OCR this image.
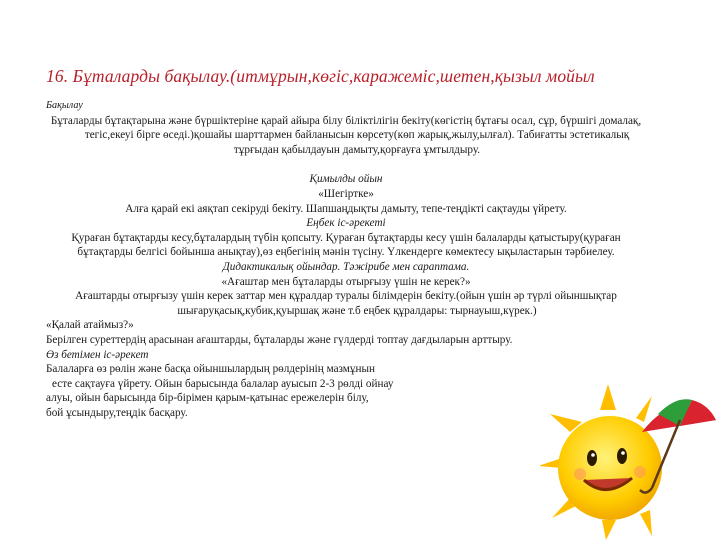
16. Бұталарды бақылау.(итмұрын,көгіс,каражеміс,шетен,қызыл мойыл

Бақылау

Бұталарды бұтақтарына және бүршіктеріне қарай айыра білу біліктілігін бекіту(көгістің бұтағы осал, сұр, бүршігі домалақ, тегіс,екеуі бірге өседі.)қошайы шарттармен байланысын көрсету(көп жарық,жылу,ылғал). Табиғатты эстетикалық тұрғыдан қабылдауын дамыту,қорғауға ұмтылдыру.

Қимылды ойын

«Шегіртке»

Алға қарай екі аяқтап секіруді бекіту. Шапшаңдықты дамыту, тепе-теңдікті сақтауды үйрету.

Еңбек іс-әрекеті

Қураған бұтақтарды кесу,бұталардың түбін қопсыту. Қураған бұтақтарды кесу үшін балаларды қатыстыру(қураған бұтақтарды белгісі бойынша анықтау),өз еңбегінің мәнін түсіну. Үлкендерге көмектесу ықыластарын тәрбиелеу.

Дидактикалық ойындар. Тәжірибе мен сараптама.

«Ағаштар мен бұталарды отырғызу үшін не керек?»

Ағаштарды отырғызу үшін керек заттар мен құралдар туралы білімдерін бекіту.(ойын үшін әр түрлі ойыншықтар шығаруқасық,кубик,қуыршақ және т.б еңбек құралдары: тырнауыш,күрек.)

«Қалай атаймыз?»

Берілген суреттердің арасынан ағаштарды, бұталарды және гүлдерді топтау дағдыларын арттыру.

Өз бетімен іс-әрекет

Балаларға өз рөлін және басқа ойыншылардың рөлдерінің мазмұнын

есте сақтауға үйрету. Ойын барысында балалар ауысып 2-3 рөлді ойнау

алуы, ойын барысында бір-бірімен қарым-қатынас ережелерін білу,

бой ұсындыру,теңдік басқару.
